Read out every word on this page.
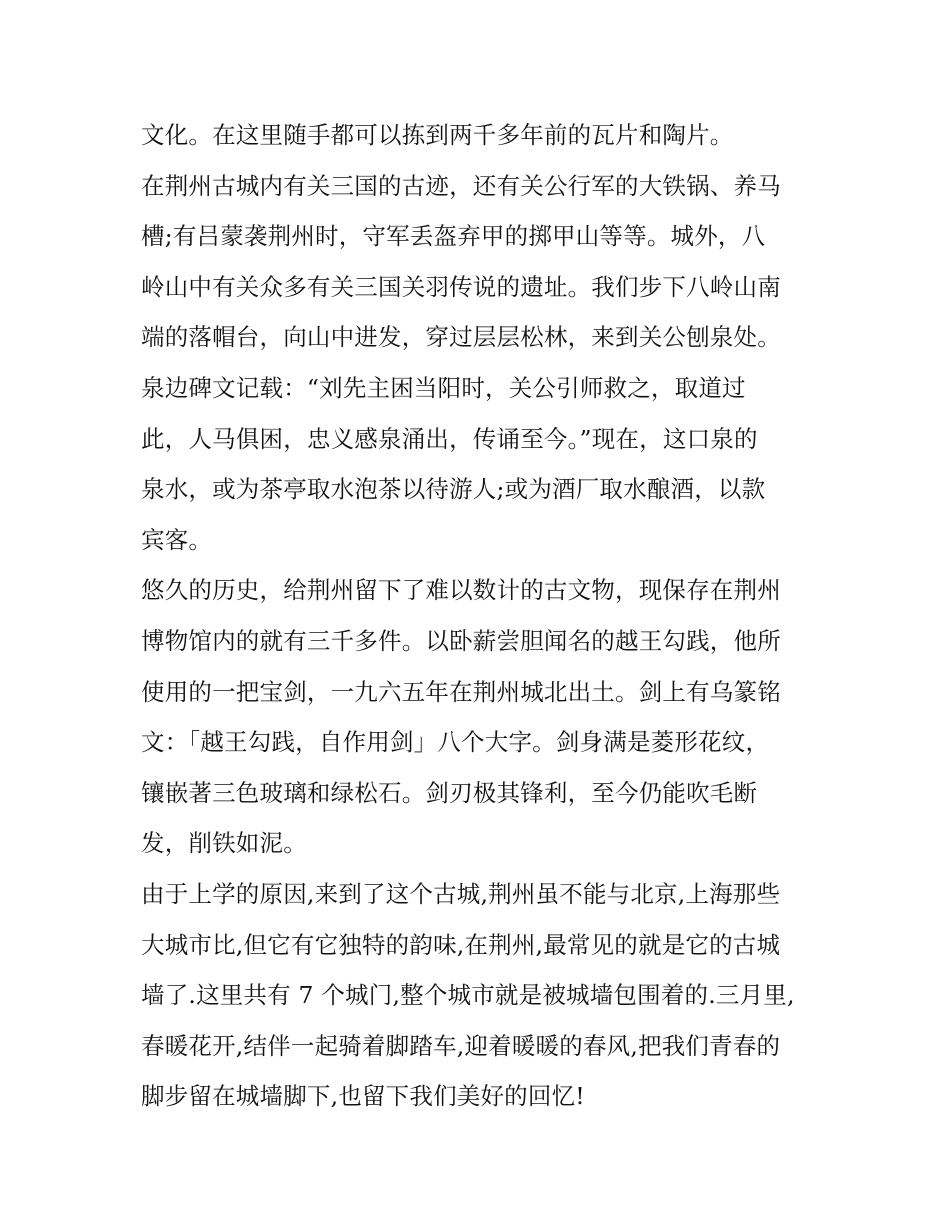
文化。在这里随手都可以拣到两千多年前的瓦片和陶片。
在荆州古城内有关三国的古迹，还有关公行军的大铁锅、养马
槽;有吕蒙袭荆州时，守军丢盔弃甲的掷甲山等等。城外，八
岭山中有关众多有关三国关羽传说的遗址。我们步下八岭山南
端的落帽台，向山中进发，穿过层层松林，来到关公刨泉处。
泉边碑文记载：“刘先主困当阳时，关公引师救之，取道过
此，人马俱困，忠义感泉涌出，传诵至今。”现在，这口泉的
泉水，或为茶亭取水泡茶以待游人;或为酒厂取水酿酒，以款
宾客。
悠久的历史，给荆州留下了难以数计的古文物，现保存在荆州
博物馆内的就有三千多件。以卧薪尝胆闻名的越王勾践，他所
使用的一把宝剑，一九六五年在荆州城北出土。剑上有乌篆铭
文：「越王勾践，自作用剑」八个大字。剑身满是菱形花纹，
镶嵌著三色玻璃和绿松石。剑刃极其锋利，至今仍能吹毛断
发，削铁如泥。
由于上学的原因,来到了这个古城,荆州虽不能与北京,上海那些
大城市比,但它有它独特的韵味,在荆州,最常见的就是它的古城
墙了.这里共有 7 个城门,整个城市就是被城墙包围着的.三月里,
春暖花开,结伴一起骑着脚踏车,迎着暖暖的春风,把我们青春的
脚步留在城墙脚下,也留下我们美好的回忆!
